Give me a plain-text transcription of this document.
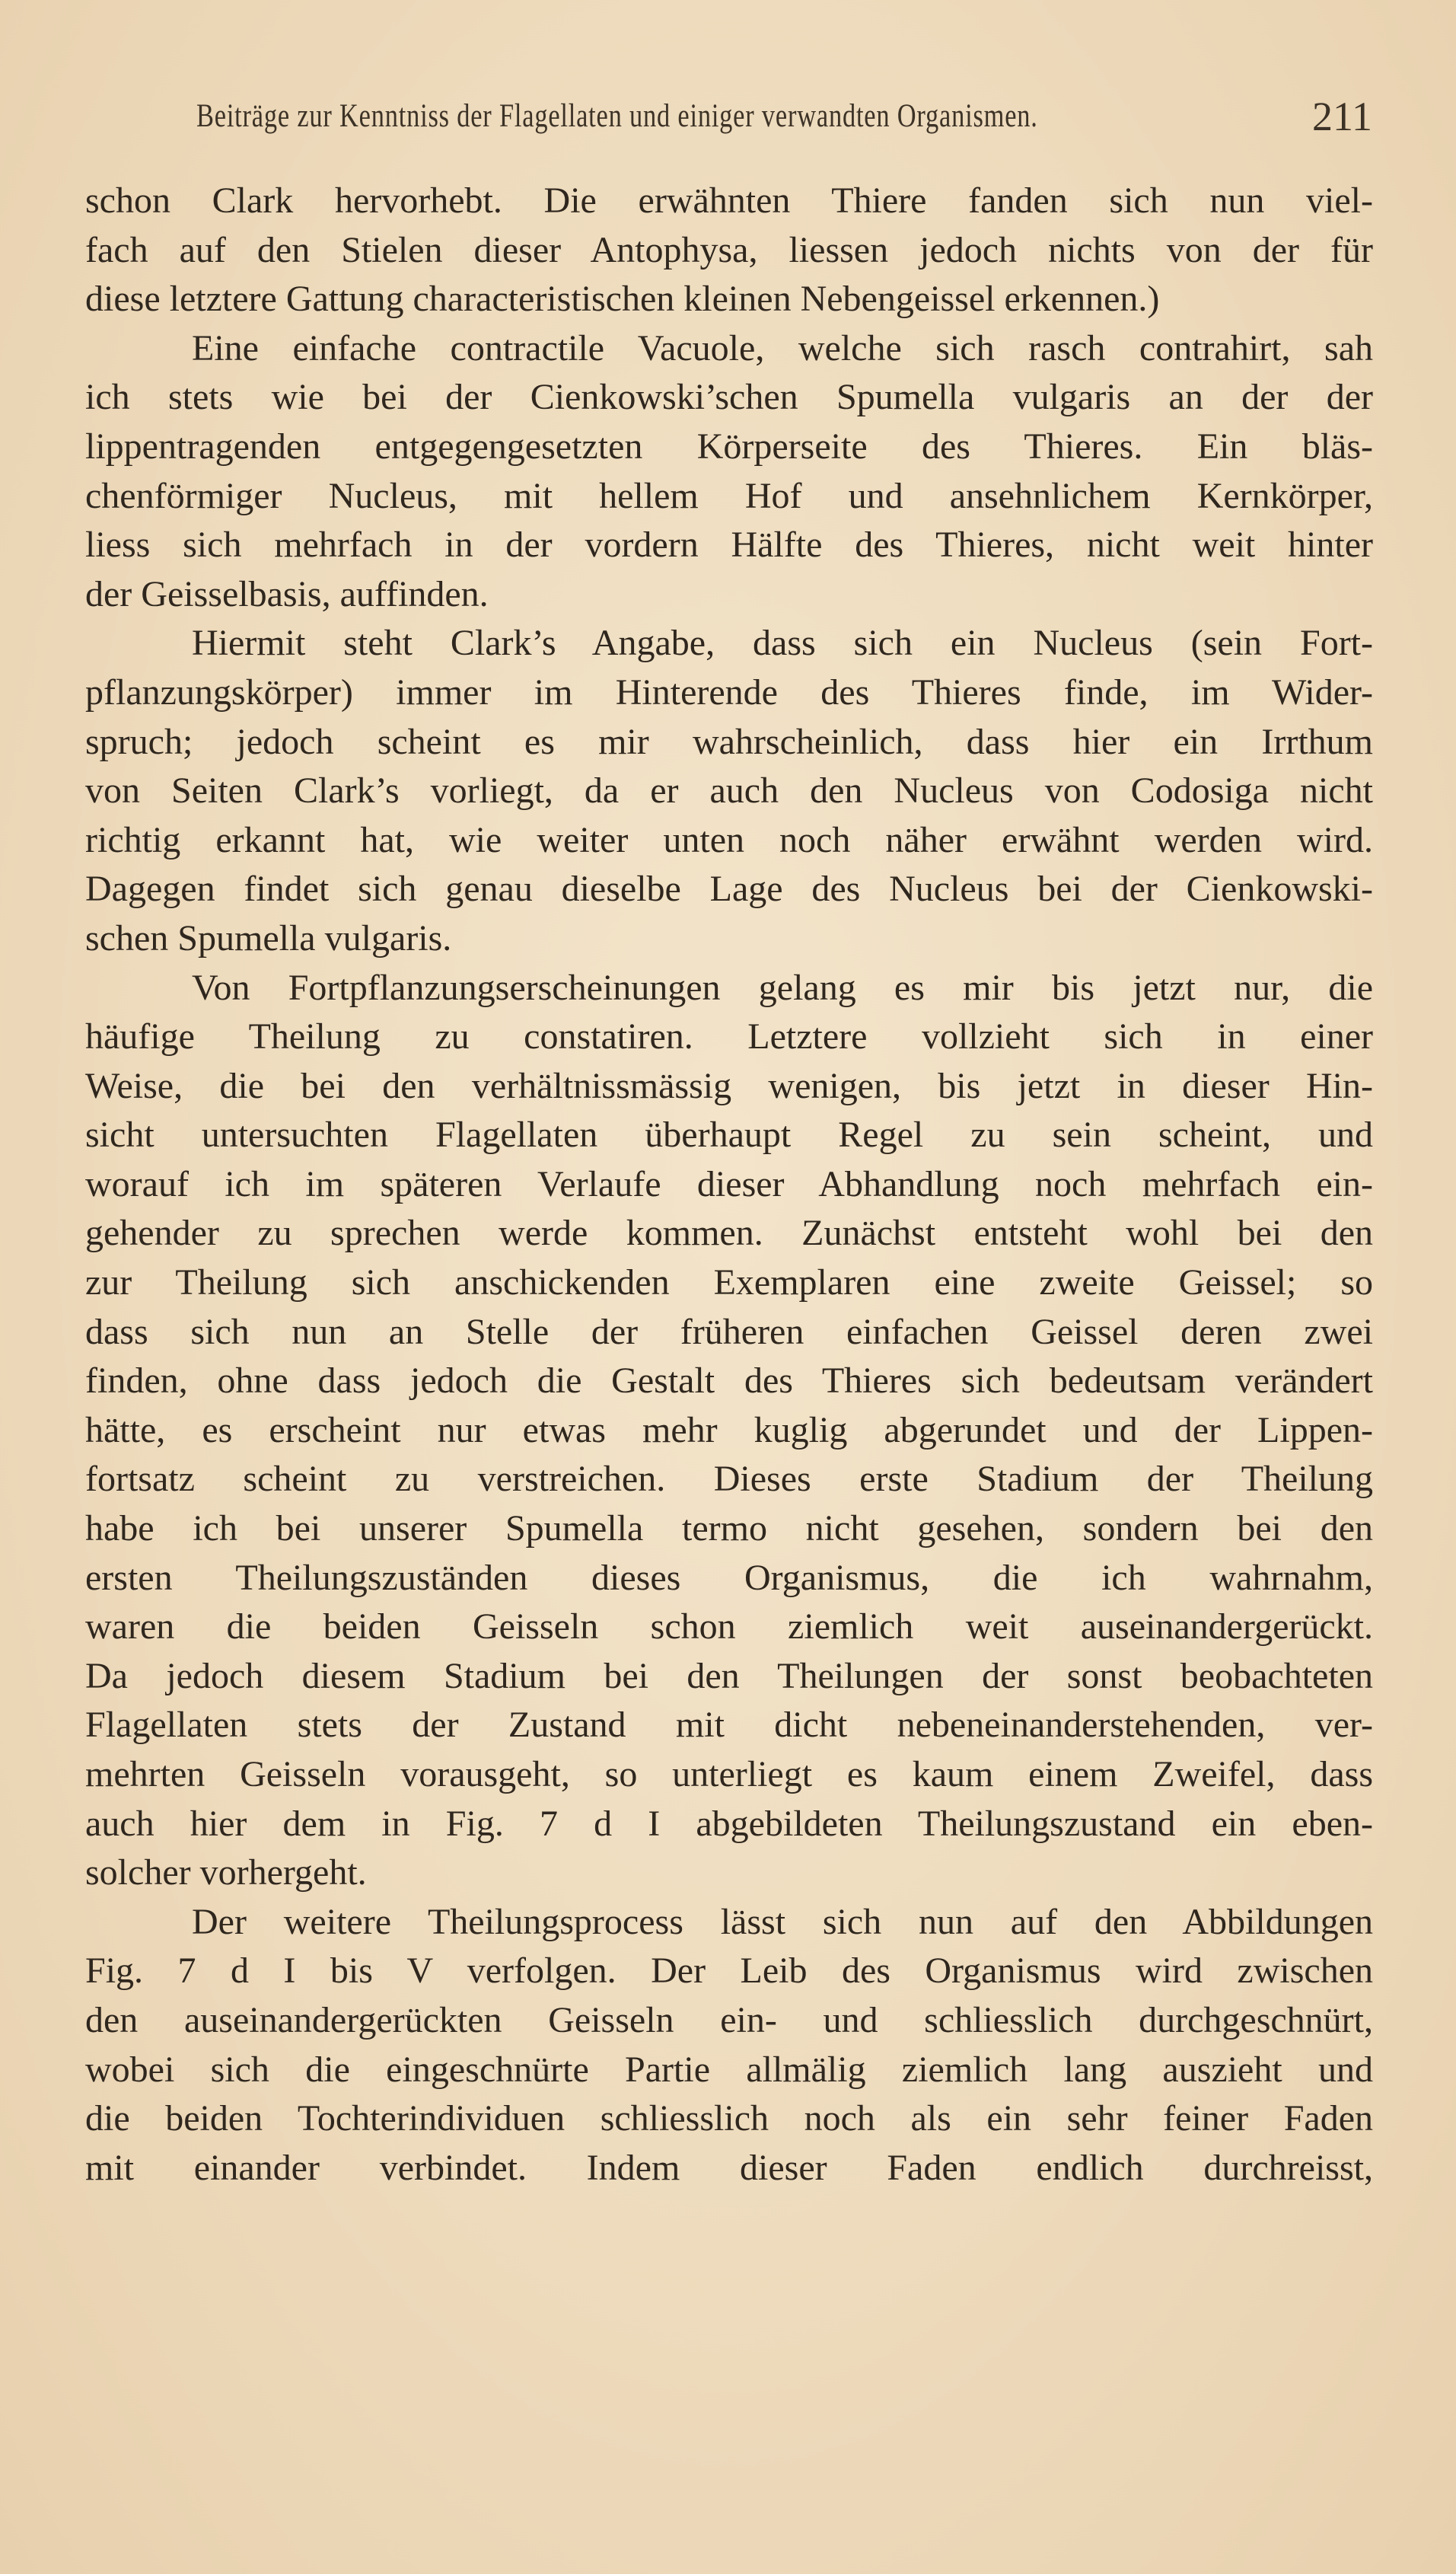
Beiträge zur Kenntniss der Flagellaten und einiger verwandten Organismen.	211
schon Clark hervorhebt. Die erwähnten Thiere fanden sich nun viel-
fach auf den Stielen dieser Antophysa, liessen jedoch nichts von der für
diese letztere Gattung characteristischen kleinen Nebengeissel erkennen.)
Eine einfache contractile Vacuole, welche sich rasch contrahirt, sah
ich stets wie bei der Cienkowski’schen Spumella vulgaris an der der
lippentragenden entgegengesetzten Körperseite des Thieres. Ein bläs-
chenförmiger Nucleus, mit hellem Hof und ansehnlichem Kernkörper,
liess sich mehrfach in der vordern Hälfte des Thieres, nicht weit hinter
der Geisselbasis, auffinden.
Hiermit steht Clark’s Angabe, dass sich ein Nucleus (sein Fort-
pflanzungskörper) immer im Hinterende des Thieres finde, im Wider-
spruch; jedoch scheint es mir wahrscheinlich, dass hier ein Irrthum
von Seiten Clark’s vorliegt, da er auch den Nucleus von Codosiga nicht
richtig erkannt hat, wie weiter unten noch näher erwähnt werden wird.
Dagegen findet sich genau dieselbe Lage des Nucleus bei der Cienkowski-
schen Spumella vulgaris.
Von Fortpflanzungserscheinungen gelang es mir bis jetzt nur, die
häufige Theilung zu constatiren. Letztere vollzieht sich in einer
Weise, die bei den verhältnissmässig wenigen, bis jetzt in dieser Hin-
sicht untersuchten Flagellaten überhaupt Regel zu sein scheint, und
worauf ich im späteren Verlaufe dieser Abhandlung noch mehrfach ein-
gehender zu sprechen werde kommen. Zunächst entsteht wohl bei den
zur Theilung sich anschickenden Exemplaren eine zweite Geissel; so
dass sich nun an Stelle der früheren einfachen Geissel deren zwei
finden, ohne dass jedoch die Gestalt des Thieres sich bedeutsam verändert
hätte, es erscheint nur etwas mehr kuglig abgerundet und der Lippen-
fortsatz scheint zu verstreichen. Dieses erste Stadium der Theilung
habe ich bei unserer Spumella termo nicht gesehen, sondern bei den
ersten Theilungszuständen dieses Organismus, die ich wahrnahm,
waren die beiden Geisseln schon ziemlich weit auseinandergerückt.
Da jedoch diesem Stadium bei den Theilungen der sonst beobachteten
Flagellaten stets der Zustand mit dicht nebeneinanderstehenden, ver-
mehrten Geisseln vorausgeht, so unterliegt es kaum einem Zweifel, dass
auch hier dem in Fig. 7 d I abgebildeten Theilungszustand ein eben-
solcher vorhergeht.
Der weitere Theilungsprocess lässt sich nun auf den Abbildungen
Fig. 7 d I bis V verfolgen. Der Leib des Organismus wird zwischen
den auseinandergerückten Geisseln ein- und schliesslich durchgeschnürt,
wobei sich die eingeschnürte Partie allmälig ziemlich lang auszieht und
die beiden Tochterindividuen schliesslich noch als ein sehr feiner Faden
mit einander verbindet. Indem dieser Faden endlich durchreisst,
